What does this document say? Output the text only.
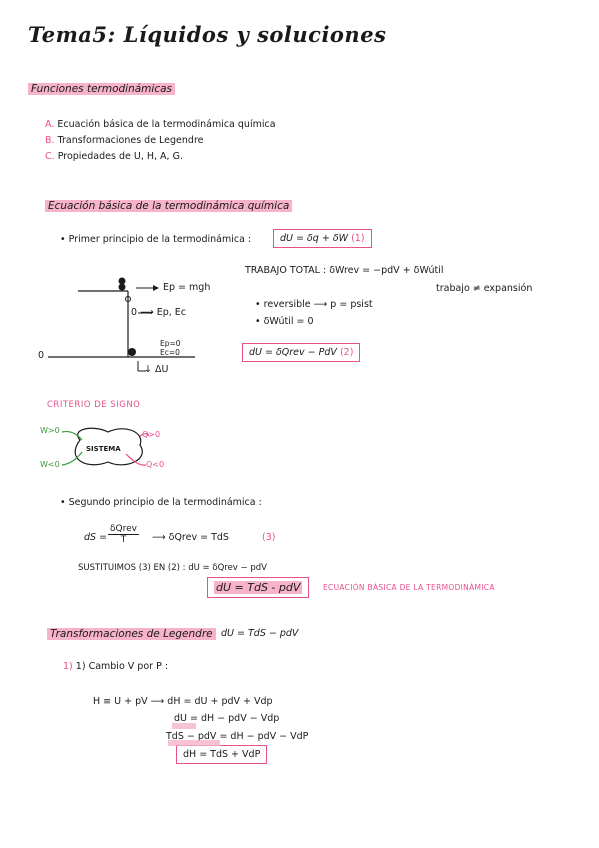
Tema5: Líquidos y soluciones
Funciones termodinámicas
A. Ecuación básica de la termodinámica química
B. Transformaciones de Legendre
C. Propiedades de U, H, A, G.
Ecuación básica de la termodinámica química
• Primer principio de la termodinámica :	dU = δq + δW (1)
Ep = mgh
0 ⟶ Ep, Ec
Ep=0
Ec=0
↓ ΔU
0
TRABAJO TOTAL : δWrev = −pdV + δWútil
trabajo ≠ expansión
• reversible ⟶ p = psist
• δWútil = 0
dU = δQrev − PdV (2)
CRITERIO DE SIGNO
SISTEMA
W>0
W<0
Q>0
Q<0
• Segundo principio de la termodinámica :
dS =
δQrev
T	⟶ δQrev = TdS	(3)
SUSTITUIMOS (3) EN (2) : dU = δQrev − pdV
dU = TdS - pdV	ECUACIÓN BÁSICA DE LA TERMODINÁMICA
Transformaciones de Legendre dU = TdS − pdV
1) 1) Cambio V por P :
H ≡ U + pV ⟶ dH = dU + pdV + Vdp
dU = dH − pdV − Vdp
TdS − pdV = dH − pdV − VdP
dH = TdS + VdP
